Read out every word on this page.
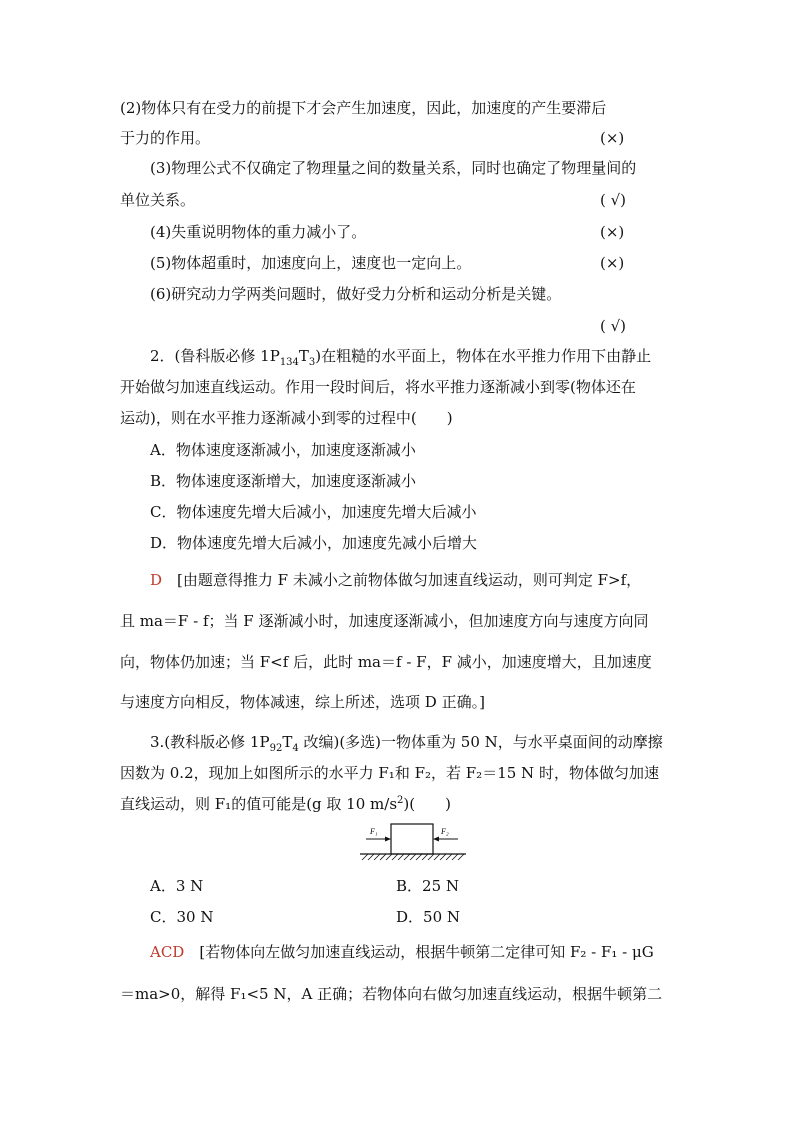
(2)物体只有在受力的前提下才会产生加速度，因此，加速度的产生要滞后
于力的作用。	(×)
(3)物理公式不仅确定了物理量之间的数量关系，同时也确定了物理量间的
单位关系。	( √)
(4)失重说明物体的重力减小了。	(×)
(5)物体超重时，加速度向上，速度也一定向上。	(×)
(6)研究动力学两类问题时，做好受力分析和运动分析是关键。
( √)
2．(鲁科版必修 $1P_{134}T_3$)在粗糙的水平面上，物体在水平推力作用下由静止
开始做匀加速直线运动。作用一段时间后，将水平推力逐渐减小到零(物体还在
运动)，则在水平推力逐渐减小到零的过程中(　　)
A．物体速度逐渐减小，加速度逐渐减小
B．物体速度逐渐增大，加速度逐渐减小
C．物体速度先增大后减小，加速度先增大后减小
D．物体速度先增大后减小，加速度先减小后增大
D　[由题意得推力 F 未减小之前物体做匀加速直线运动，则可判定 F>f，
且 ma＝F - f；当 F 逐渐减小时，加速度逐渐减小，但加速度方向与速度方向同
向，物体仍加速；当 F<f 后，此时 ma＝f - F，F 减小，加速度增大，且加速度
与速度方向相反，物体减速，综上所述，选项 D 正确。]
3.(教科版必修 $1P_{92}T_4$ 改编)(多选)一物体重为 50 N，与水平桌面间的动摩擦
因数为 0.2，现加上如图所示的水平力 F₁和 F₂，若 F₂＝15 N 时，物体做匀加速
直线运动，则 F₁的值可能是(g 取 10 $m/s^2$)(　　)
F₁	F₂
A．3 N	B．25 N
C．30 N	D．50 N
ACD　[若物体向左做匀加速直线运动，根据牛顿第二定律可知 F₂ - F₁ - μG
＝ma>0，解得 F₁<5 N，A 正确；若物体向右做匀加速直线运动，根据牛顿第二
